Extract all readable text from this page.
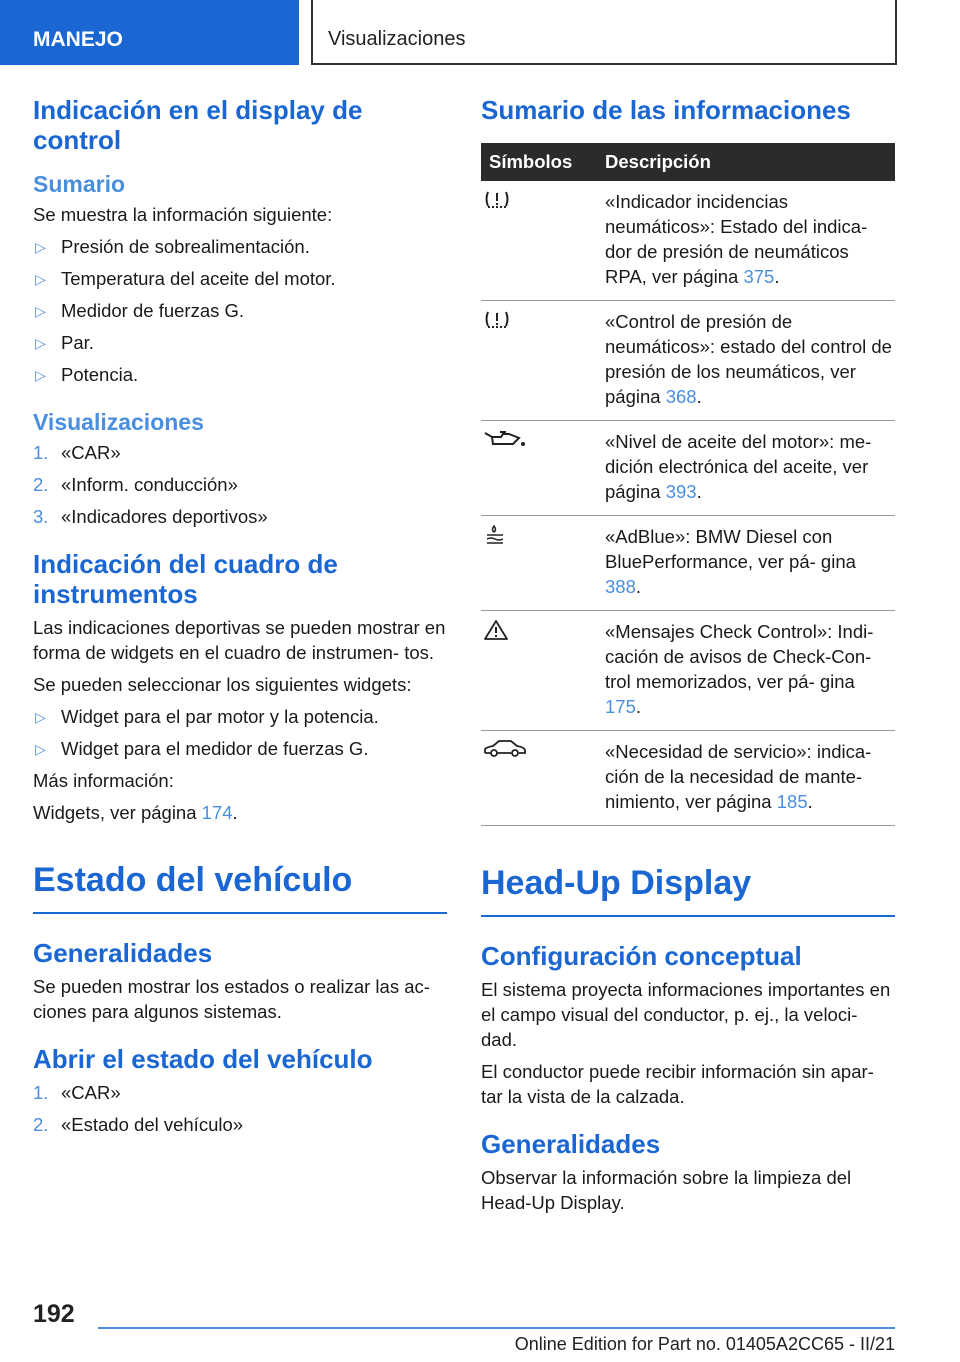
MANEJO	Visualizaciones
Indicación en el display de control
Sumario
Se muestra la información siguiente:
▷ Presión de sobrealimentación.
▷ Temperatura del aceite del motor.
▷ Medidor de fuerzas G.
▷ Par.
▷ Potencia.
Visualizaciones
1. «CAR»
2. «Inform. conducción»
3. «Indicadores deportivos»
Indicación del cuadro de instrumentos
Las indicaciones deportivas se pueden mostrar en forma de widgets en el cuadro de instrumen- tos.
Se pueden seleccionar los siguientes widgets:
▷ Widget para el par motor y la potencia.
▷ Widget para el medidor de fuerzas G.
Más información:
Widgets, ver página 174.
Estado del vehículo
Generalidades
Se pueden mostrar los estados o realizar las ac- ciones para algunos sistemas.
Abrir el estado del vehículo
1. «CAR»
2. «Estado del vehículo»
Sumario de las informaciones
Símbolos	Descripción
	«Indicador incidencias neumáticos»: Estado del indica- dor de presión de neumáticos RPA, ver página 375.
	«Control de presión de neumáticos»: estado del control de presión de los neumáticos, ver página 368.
	«Nivel de aceite del motor»: me- dición electrónica del aceite, ver página 393.
	«AdBlue»: BMW Diesel con BluePerformance, ver pá- gina 388.
	«Mensajes Check Control»: Indi- cación de avisos de Check-Con- trol memorizados, ver pá- gina 175.
	«Necesidad de servicio»: indica- ción de la necesidad de mante- nimiento, ver página 185.
Head-Up Display
Configuración conceptual
El sistema proyecta informaciones importantes en el campo visual del conductor, p. ej., la veloci- dad.
El conductor puede recibir información sin apar- tar la vista de la calzada.
Generalidades
Observar la información sobre la limpieza del Head-Up Display.
192
Online Edition for Part no. 01405A2CC65 - II/21
